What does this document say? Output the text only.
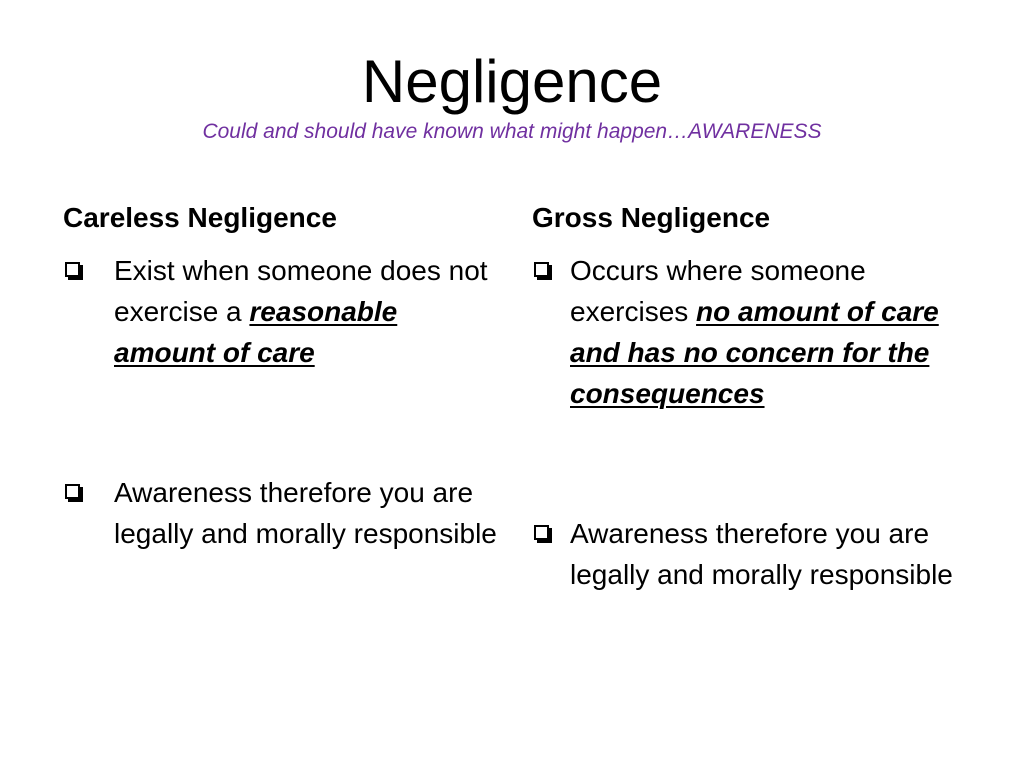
Negligence
Could and should have known what might happen…AWARENESS
Careless Negligence
Exist when someone does not exercise a reasonable amount of care
Awareness therefore you are legally and morally responsible
Gross Negligence
Occurs where someone exercises no amount of care and has no concern for the consequences
Awareness therefore you are legally and morally responsible
